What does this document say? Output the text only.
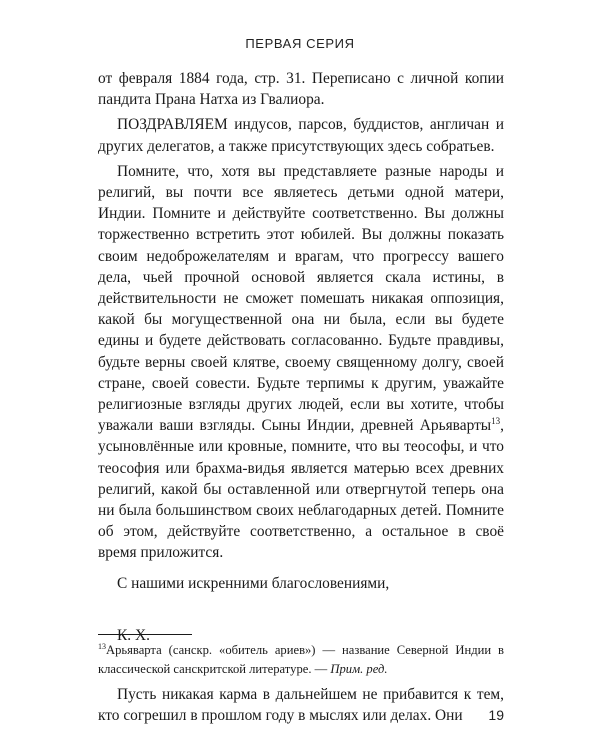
ПЕРВАЯ СЕРИЯ

от февраля 1884 года, стр. 31. Переписано с личной копии пандита Прана Натха из Гвалиора.

ПОЗДРАВЛЯЕМ индусов, парсов, буддистов, англичан и других делегатов, а также присутствующих здесь собратьев.

Помните, что, хотя вы представляете разные народы и религий, вы почти все являетесь детьми одной матери, Индии. Помните и действуйте соответственно. Вы должны торжественно встретить этот юбилей. Вы должны показать своим недоброжелателям и врагам, что прогрессу вашего дела, чьей прочной основой является скала истины, в действительности не сможет помешать никакая оппозиция, какой бы могущественной она ни была, если вы будете едины и будете действовать согласованно. Будьте правдивы, будьте верны своей клятве, своему священному долгу, своей стране, своей совести. Будьте терпимы к другим, уважайте религиозные взгляды других людей, если вы хотите, чтобы уважали ваши взгляды. Сыны Индии, древней Арьяварты$^{13}$, усыновлённые или кровные, помните, что вы теософы, и что теософия или брахма-видья является матерью всех древних религий, какой бы оставленной или отвергнутой теперь она ни была большинством своих неблагодарных детей. Помните об этом, действуйте соответственно, а остальное в своё время приложится.

С нашими искренними благословениями,

К. Х.

Пусть никакая карма в дальнейшем не прибавится к тем, кто согрешил в прошлом году в мыслях или делах. Они

$^{13}$Арьяварта (санскр. «обитель ариев») — название Северной Индии в классической санскритской литературе. — Прим. ред.

19
